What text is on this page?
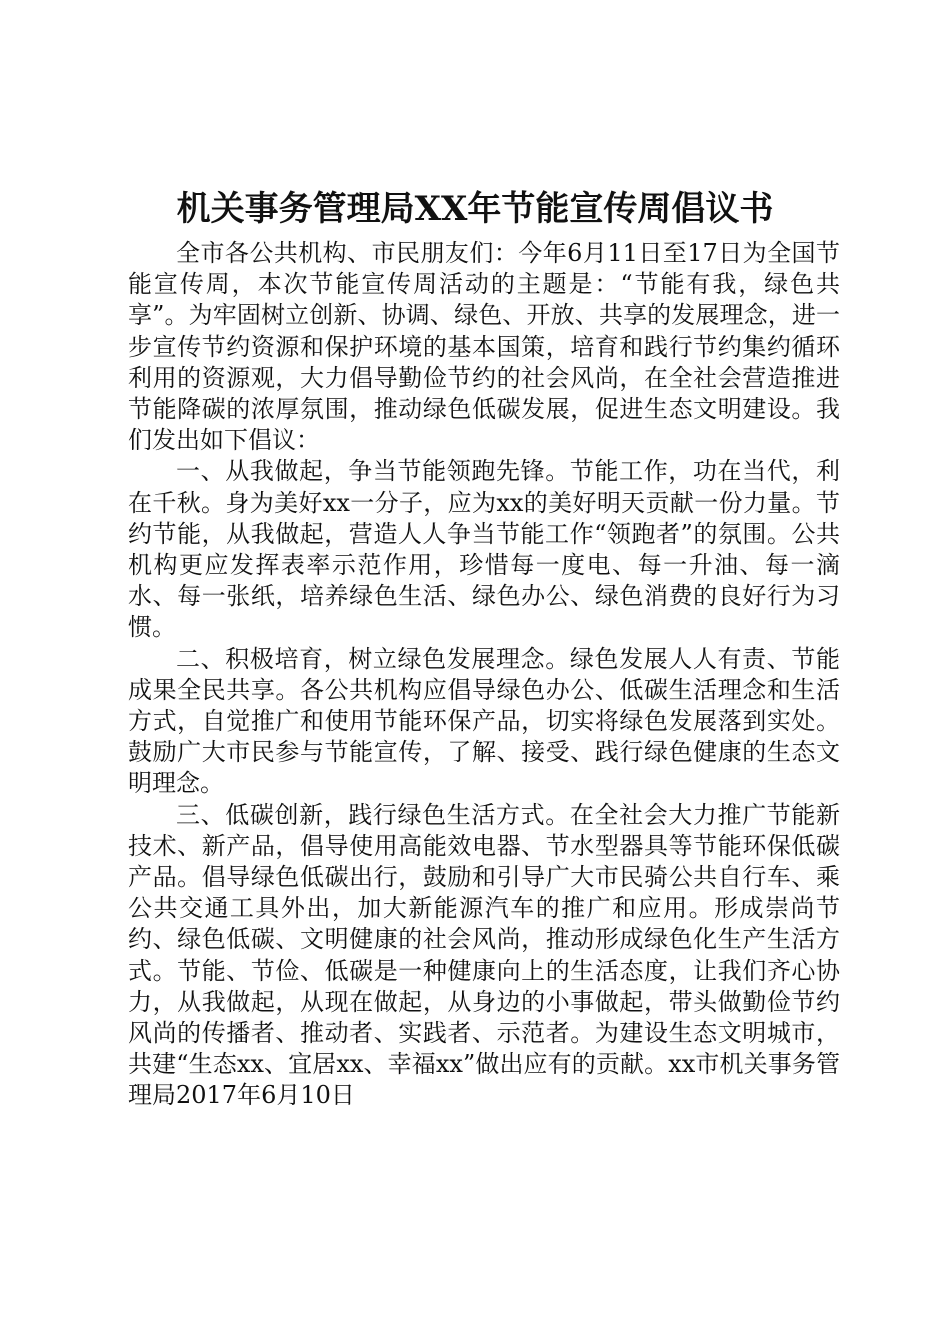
机关事务管理局XX年节能宣传周倡议书

全市各公共机构、市民朋友们：今年6月11日至17日为全国节能宣传周，本次节能宣传周活动的主题是：“节能有我，绿色共享”。为牢固树立创新、协调、绿色、开放、共享的发展理念，进一步宣传节约资源和保护环境的基本国策，培育和践行节约集约循环利用的资源观，大力倡导勤俭节约的社会风尚，在全社会营造推进节能降碳的浓厚氛围，推动绿色低碳发展，促进生态文明建设。我们发出如下倡议：

一、从我做起，争当节能领跑先锋。节能工作，功在当代，利在千秋。身为美好xx一分子，应为xx的美好明天贡献一份力量。节约节能，从我做起，营造人人争当节能工作“领跑者”的氛围。公共机构更应发挥表率示范作用，珍惜每一度电、每一升油、每一滴水、每一张纸，培养绿色生活、绿色办公、绿色消费的良好行为习惯。

二、积极培育，树立绿色发展理念。绿色发展人人有责、节能成果全民共享。各公共机构应倡导绿色办公、低碳生活理念和生活方式，自觉推广和使用节能环保产品，切实将绿色发展落到实处。鼓励广大市民参与节能宣传，了解、接受、践行绿色健康的生态文明理念。

三、低碳创新，践行绿色生活方式。在全社会大力推广节能新技术、新产品，倡导使用高能效电器、节水型器具等节能环保低碳产品。倡导绿色低碳出行，鼓励和引导广大市民骑公共自行车、乘公共交通工具外出，加大新能源汽车的推广和应用。形成崇尚节约、绿色低碳、文明健康的社会风尚，推动形成绿色化生产生活方式。节能、节俭、低碳是一种健康向上的生活态度，让我们齐心协力，从我做起，从现在做起，从身边的小事做起，带头做勤俭节约风尚的传播者、推动者、实践者、示范者。为建设生态文明城市，共建“生态xx、宜居xx、幸福xx”做出应有的贡献。xx市机关事务管理局2017年6月10日
